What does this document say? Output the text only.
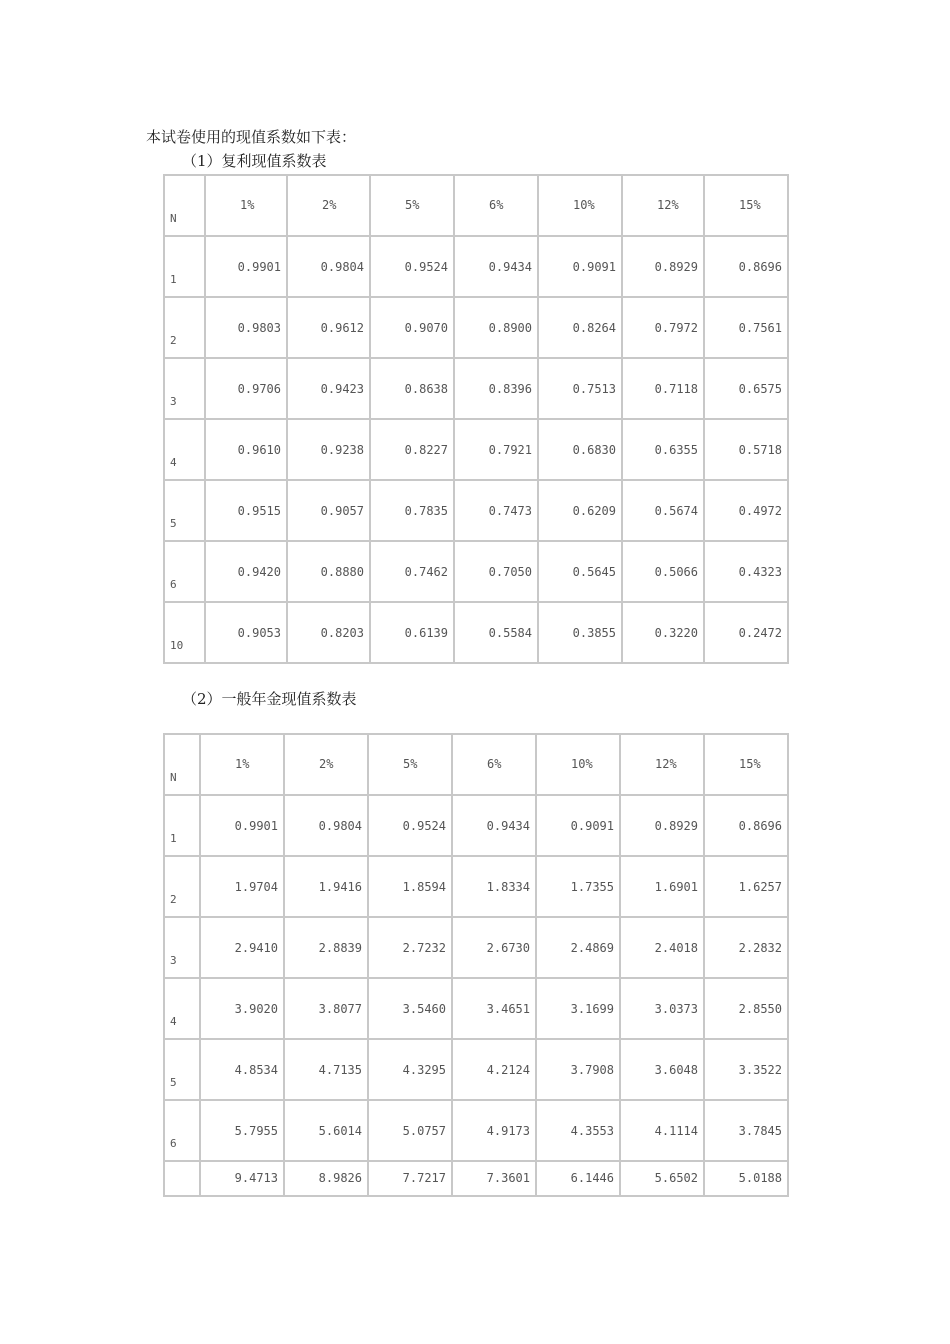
本试卷使用的现值系数如下表：
（1）复利现值系数表
N	1%	2%	5%	6%	10%	12%	15%

1	0.9901	0.9804	0.9524	0.9434	0.9091	0.8929	0.8696

2	0.9803	0.9612	0.9070	0.8900	0.8264	0.7972	0.7561

3	0.9706	0.9423	0.8638	0.8396	0.7513	0.7118	0.6575

4	0.9610	0.9238	0.8227	0.7921	0.6830	0.6355	0.5718

5	0.9515	0.9057	0.7835	0.7473	0.6209	0.5674	0.4972

6	0.9420	0.8880	0.7462	0.7050	0.5645	0.5066	0.4323

10	0.9053	0.8203	0.6139	0.5584	0.3855	0.3220	0.2472
（2）一般年金现值系数表
N	1%	2%	5%	6%	10%	12%	15%

1	0.9901	0.9804	0.9524	0.9434	0.9091	0.8929	0.8696

2	1.9704	1.9416	1.8594	1.8334	1.7355	1.6901	1.6257

3	2.9410	2.8839	2.7232	2.6730	2.4869	2.4018	2.2832

4	3.9020	3.8077	3.5460	3.4651	3.1699	3.0373	2.8550

5	4.8534	4.7135	4.3295	4.2124	3.7908	3.6048	3.3522

6	5.7955	5.6014	5.0757	4.9173	4.3553	4.1114	3.7845

	9.4713	8.9826	7.7217	7.3601	6.1446	5.6502	5.0188
